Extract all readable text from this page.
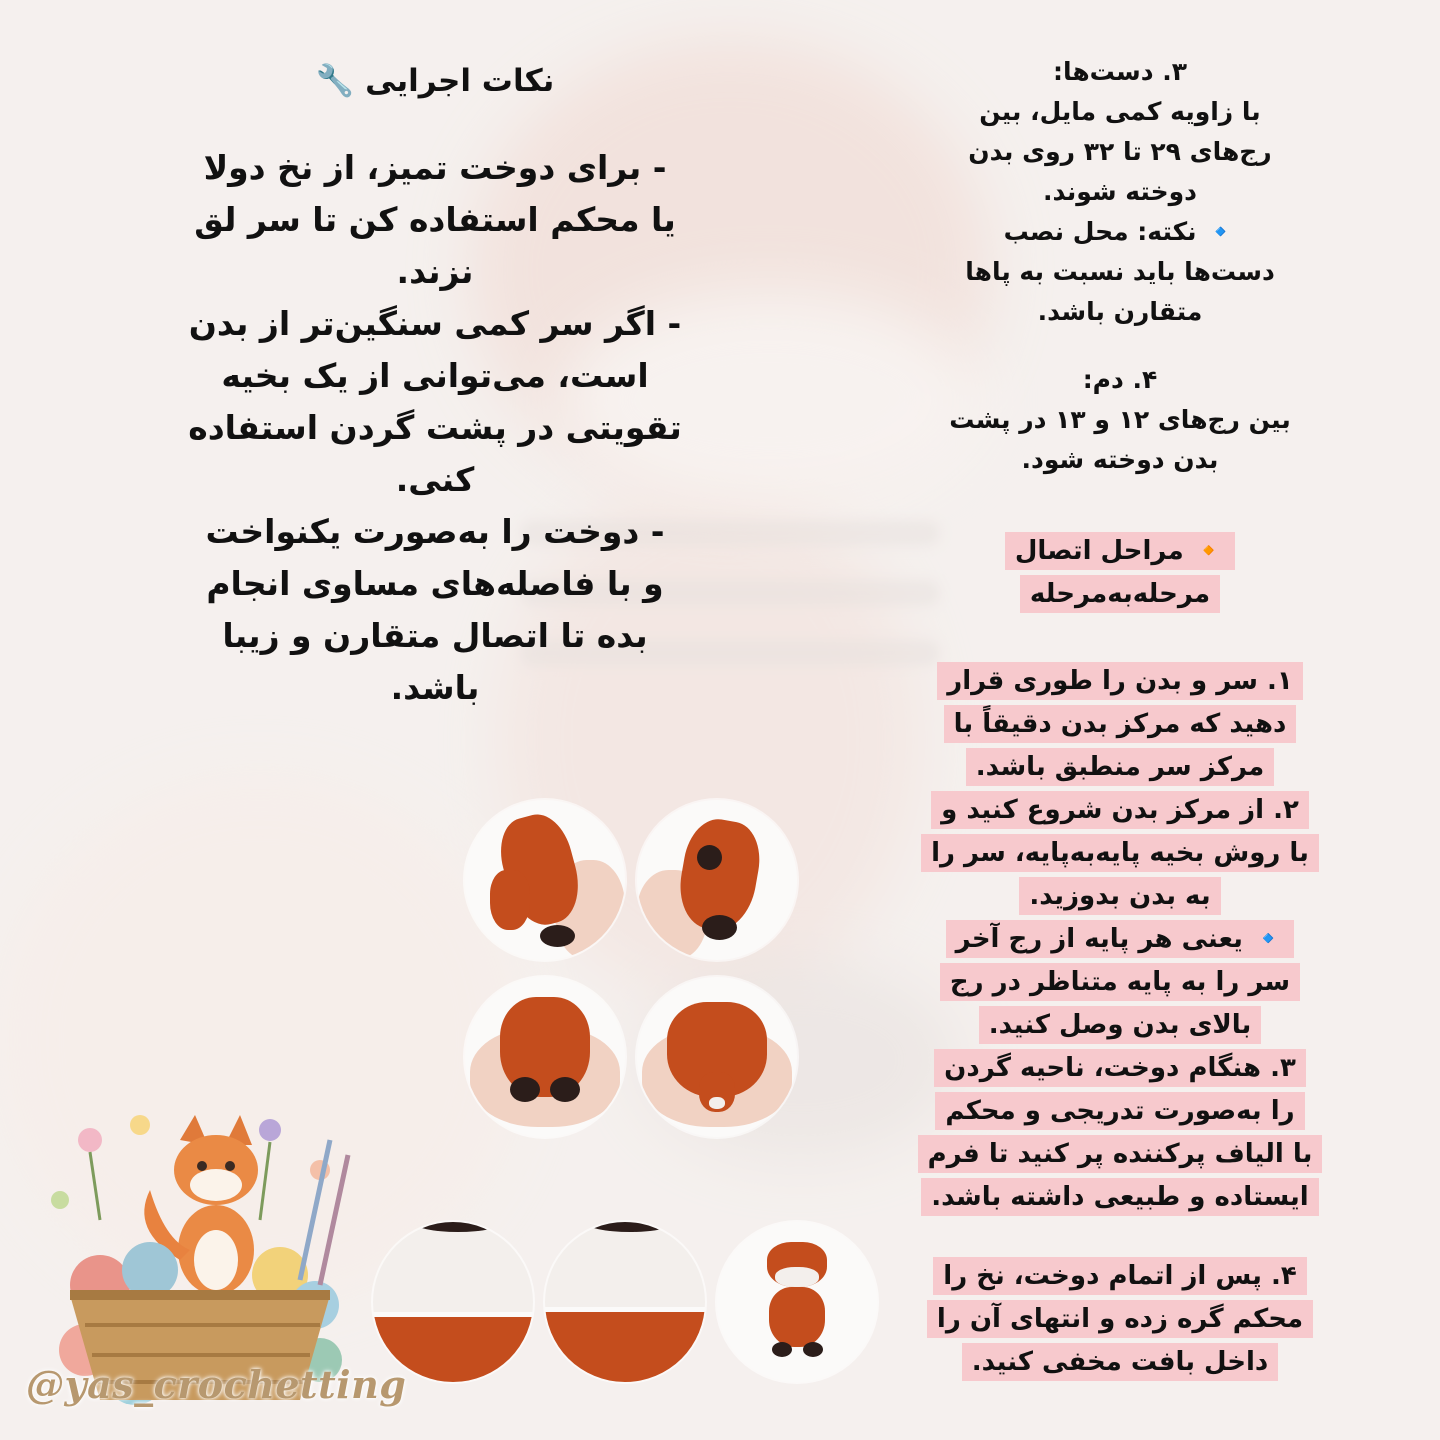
۳. دست‌ها:
با زاویه کمی مایل، بین
رج‌های ۲۹ تا ۳۲ روی بدن
دوخته شوند.
🔹 نکته: محل نصب
دست‌ها باید نسبت به پاها
متقارن باشد.
۴. دم:
بین رج‌های ۱۲ و ۱۳ در پشت
بدن دوخته شود.
🔸 مراحل اتصال
مرحله‌به‌مرحله
۱. سر و بدن را طوری قرار
دهید که مرکز بدن دقیقاً با
مرکز سر منطبق باشد.
۲. از مرکز بدن شروع کنید و
با روش بخیه پایه‌به‌پایه، سر را
به بدن بدوزید.
🔹 یعنی هر پایه از رج آخر
سر را به پایه متناظر در رج
بالای بدن وصل کنید.
۳. هنگام دوخت، ناحیه گردن
را به‌صورت تدریجی و محکم
با الیاف پرکننده پر کنید تا فرم
ایستاده و طبیعی داشته باشد.
۴. پس از اتمام دوخت، نخ را
محکم گره زده و انتهای آن را
داخل بافت مخفی کنید.
نکات اجرایی 🔧
- برای دوخت تمیز، از نخ دولا
یا محکم استفاده کن تا سر لق
نزند.
- اگر سر کمی سنگین‌تر از بدن
است، می‌توانی از یک بخیه
تقویتی در پشت گردن استفاده
کنی.
- دوخت را به‌صورت یکنواخت
و با فاصله‌های مساوی انجام
بده تا اتصال متقارن و زیبا
باشد.
@yas_crochetting
